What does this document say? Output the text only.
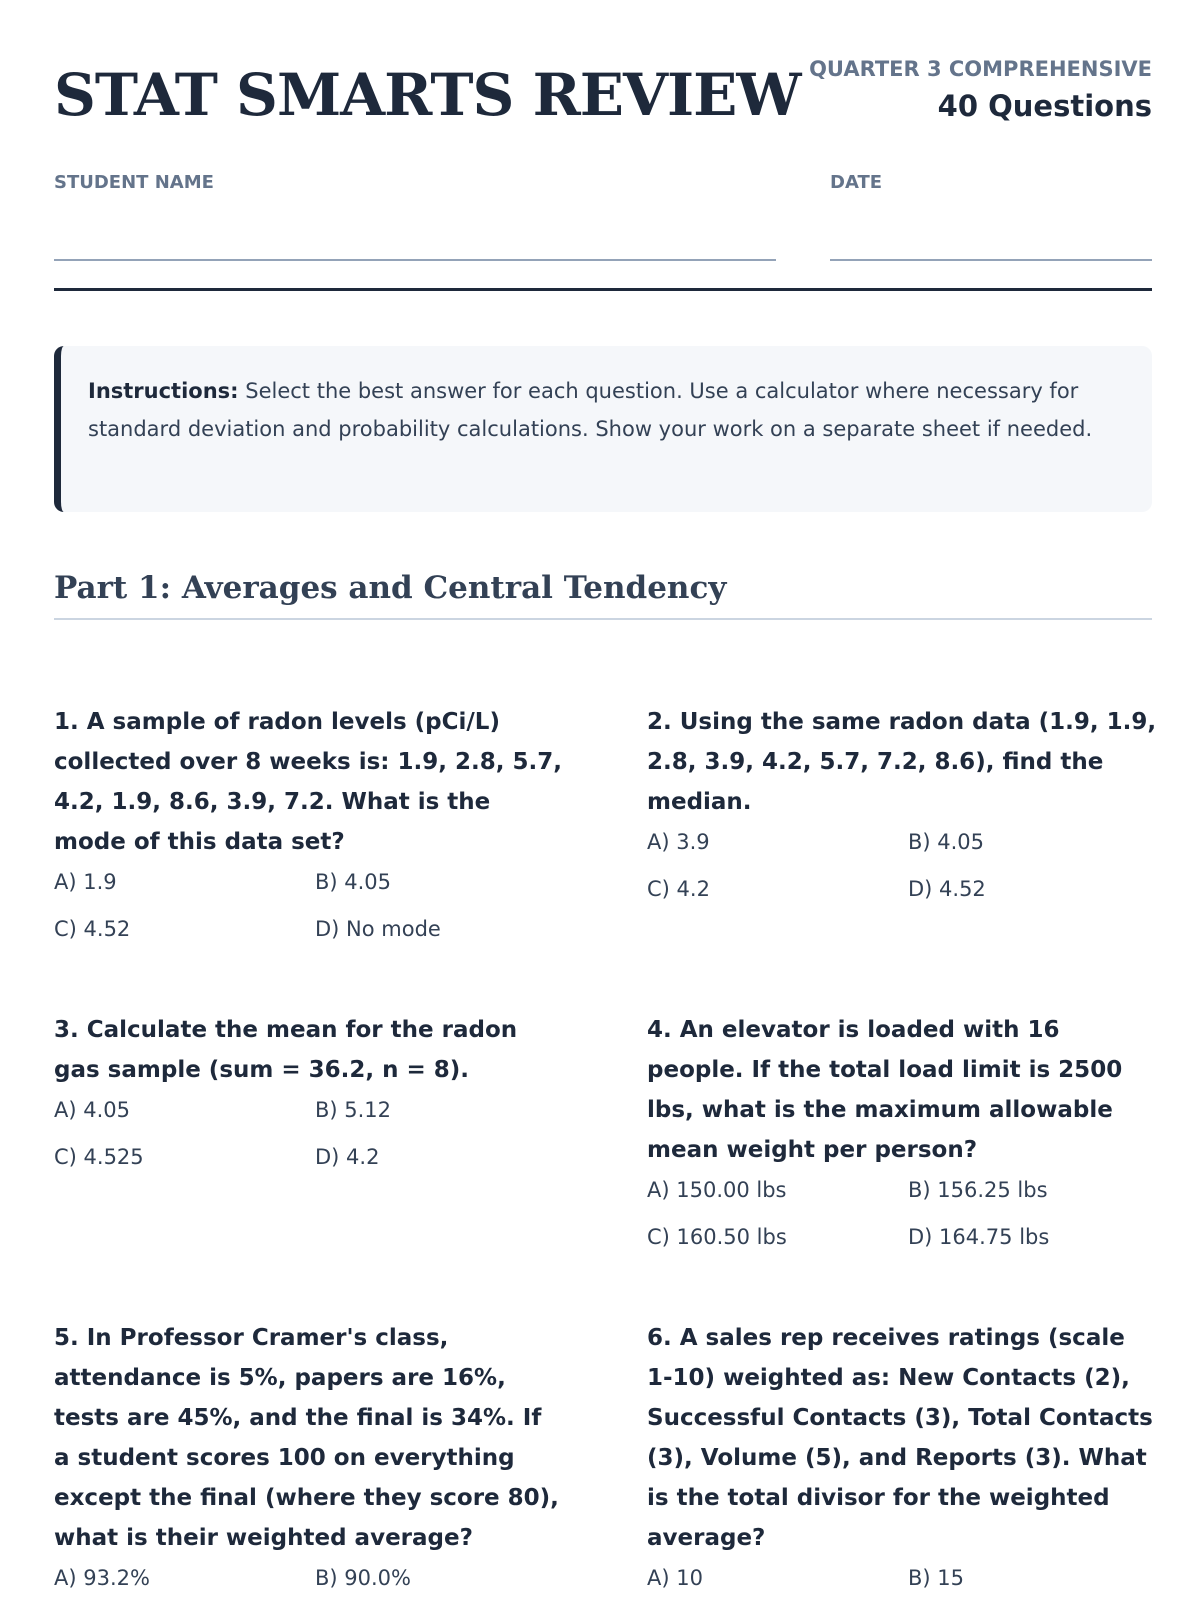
STAT SMARTS REVIEW QUARTER 3 COMPREHENSIVE
40 Questions
STUDENT NAME	DATE
Instructions: Select the best answer for each question. Use a calculator where necessary for standard deviation and probability calculations. Show your work on a separate sheet if needed.
Part 1: Averages and Central Tendency
1. A sample of radon levels (pCi/L) collected over 8 weeks is: 1.9, 2.8, 5.7, 4.2, 1.9, 8.6, 3.9, 7.2. What is the mode of this data set?
A) 1.9	B) 4.05
C) 4.52	D) No mode
2. Using the same radon data (1.9, 1.9, 2.8, 3.9, 4.2, 5.7, 7.2, 8.6), find the median.
A) 3.9	B) 4.05
C) 4.2	D) 4.52
3. Calculate the mean for the radon gas sample (sum = 36.2, n = 8).
A) 4.05	B) 5.12
C) 4.525	D) 4.2
4. An elevator is loaded with 16 people. If the total load limit is 2500 lbs, what is the maximum allowable mean weight per person?
A) 150.00 lbs	B) 156.25 lbs
C) 160.50 lbs	D) 164.75 lbs
5. In Professor Cramer's class, attendance is 5%, papers are 16%, tests are 45%, and the final is 34%. If a student scores 100 on everything except the final (where they score 80), what is their weighted average?
A) 93.2%	B) 90.0%
6. A sales rep receives ratings (scale 1-10) weighted as: New Contacts (2), Successful Contacts (3), Total Contacts (3), Volume (5), and Reports (3). What is the total divisor for the weighted average?
A) 10	B) 15
